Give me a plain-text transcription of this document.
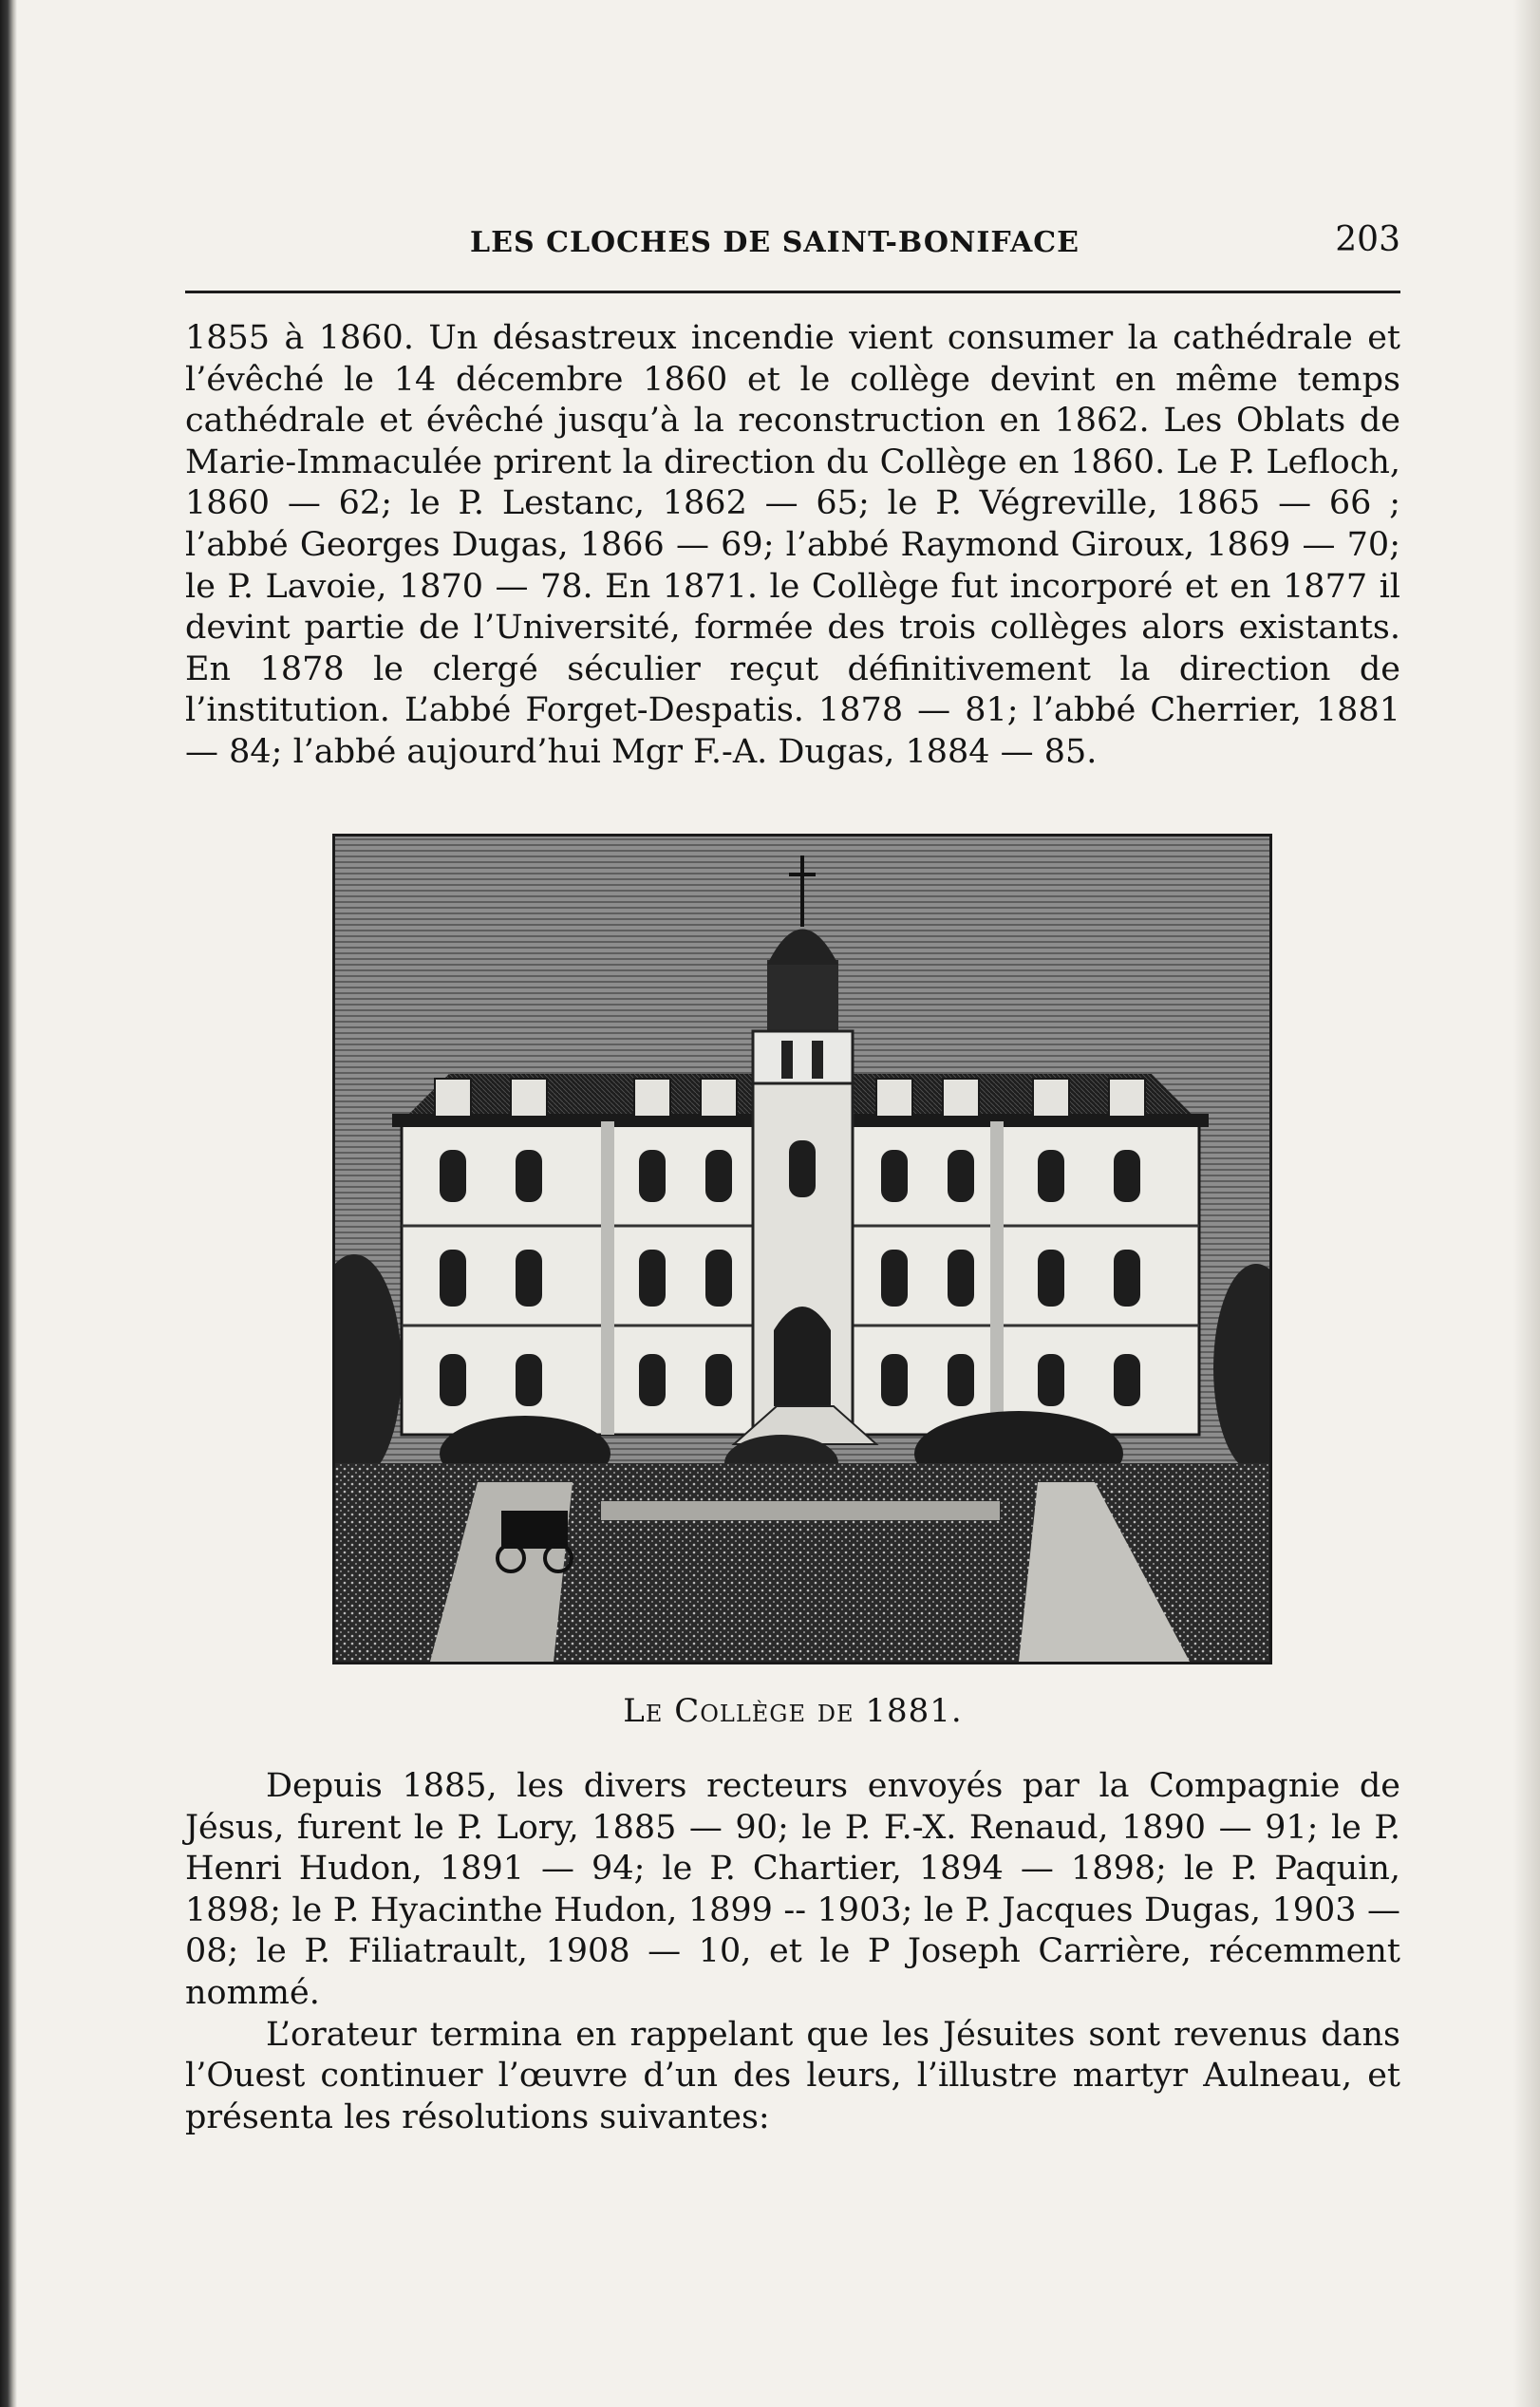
LES CLOCHES DE SAINT-BONIFACE	203
1855 à 1860. Un désastreux incendie vient consumer la cathédrale et l’évêché le 14 décembre 1860 et le collège devint en même temps cathédrale et évêché jusqu’à la reconstruction en 1862. Les Oblats de Marie-Immaculée prirent la direction du Collège en 1860. Le P. Lefloch, 1860 — 62; le P. Lestanc, 1862 — 65; le P. Végreville, 1865 — 66 ; l’abbé Georges Dugas, 1866 — 69; l’abbé Raymond Giroux, 1869 — 70; le P. Lavoie, 1870 — 78. En 1871. le Collège fut incorporé et en 1877 il devint partie de l’Université, formée des trois collèges alors existants. En 1878 le clergé séculier reçut définitivement la direction de l’institution. L’abbé Forget-Despatis. 1878 — 81; l’abbé Cherrier, 1881 — 84; l’abbé aujourd’hui Mgr F.-A. Dugas, 1884 — 85.
Le Collège de 1881.

Depuis 1885, les divers recteurs envoyés par la Compagnie de Jésus, furent le P. Lory, 1885 — 90; le P. F.-X. Renaud, 1890 — 91; le P. Henri Hudon, 1891 — 94; le P. Chartier, 1894 — 1898; le P. Paquin, 1898; le P. Hyacinthe Hudon, 1899 -- 1903; le P. Jacques Dugas, 1903 — 08; le P. Filiatrault, 1908 — 10, et le P Joseph Carrière, récemment nommé.

L’orateur termina en rappelant que les Jésuites sont revenus dans l’Ouest continuer l’œuvre d’un des leurs, l’illustre martyr Aulneau, et présenta les résolutions suivantes:
